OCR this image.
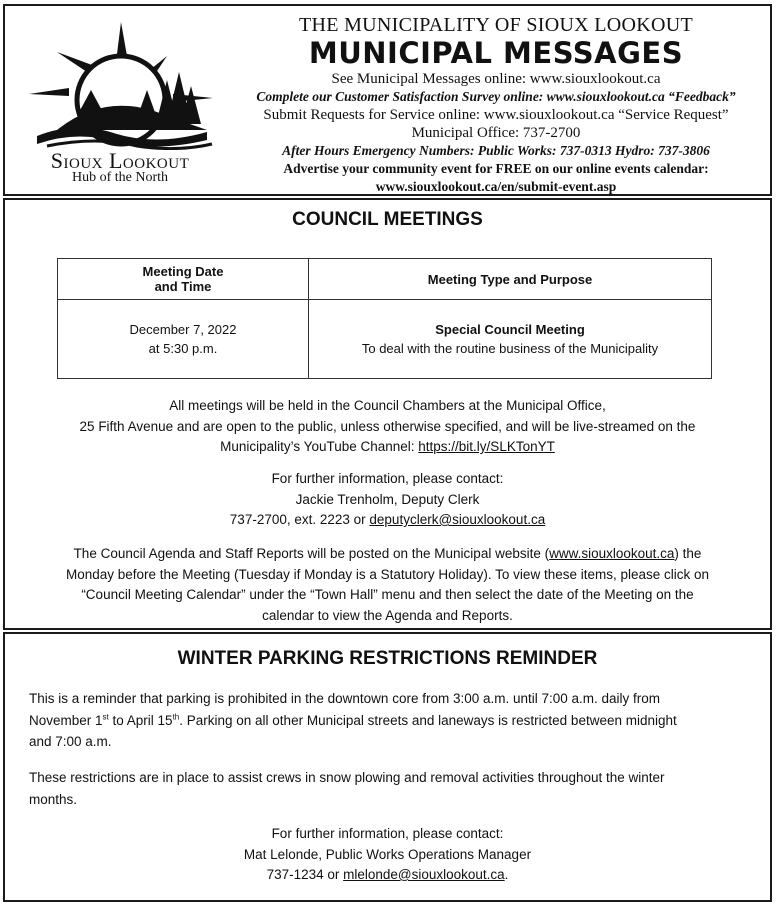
Sioux Lookout
Hub of the North
THE MUNICIPALITY OF SIOUX LOOKOUT
MUNICIPAL MESSAGES
See Municipal Messages online: www.siouxlookout.ca
Complete our Customer Satisfaction Survey online: www.siouxlookout.ca “Feedback”
Submit Requests for Service online: www.siouxlookout.ca “Service Request”
Municipal Office: 737-2700
After Hours Emergency Numbers: Public Works: 737-0313 Hydro: 737-3806
Advertise your community event for FREE on our online events calendar:
www.siouxlookout.ca/en/submit-event.asp
COUNCIL MEETINGS
Meeting Date
and Time	Meeting Type and Purpose
December 7, 2022
at 5:30 p.m.	Special Council Meeting
To deal with the routine business of the Municipality
All meetings will be held in the Council Chambers at the Municipal Office,
25 Fifth Avenue and are open to the public, unless otherwise specified, and will be live-streamed on the
Municipality’s YouTube Channel: https://bit.ly/SLKTonYT
For further information, please contact:
Jackie Trenholm, Deputy Clerk
737-2700, ext. 2223 or deputyclerk@siouxlookout.ca
The Council Agenda and Staff Reports will be posted on the Municipal website (www.siouxlookout.ca) the
Monday before the Meeting (Tuesday if Monday is a Statutory Holiday). To view these items, please click on
“Council Meeting Calendar” under the “Town Hall” menu and then select the date of the Meeting on the
calendar to view the Agenda and Reports.
WINTER PARKING RESTRICTIONS REMINDER
This is a reminder that parking is prohibited in the downtown core from 3:00 a.m. until 7:00 a.m. daily from
November 1st to April 15th. Parking on all other Municipal streets and laneways is restricted between midnight
and 7:00 a.m.
These restrictions are in place to assist crews in snow plowing and removal activities throughout the winter
months.
For further information, please contact:
Mat Lelonde, Public Works Operations Manager
737-1234 or mlelonde@siouxlookout.ca.
